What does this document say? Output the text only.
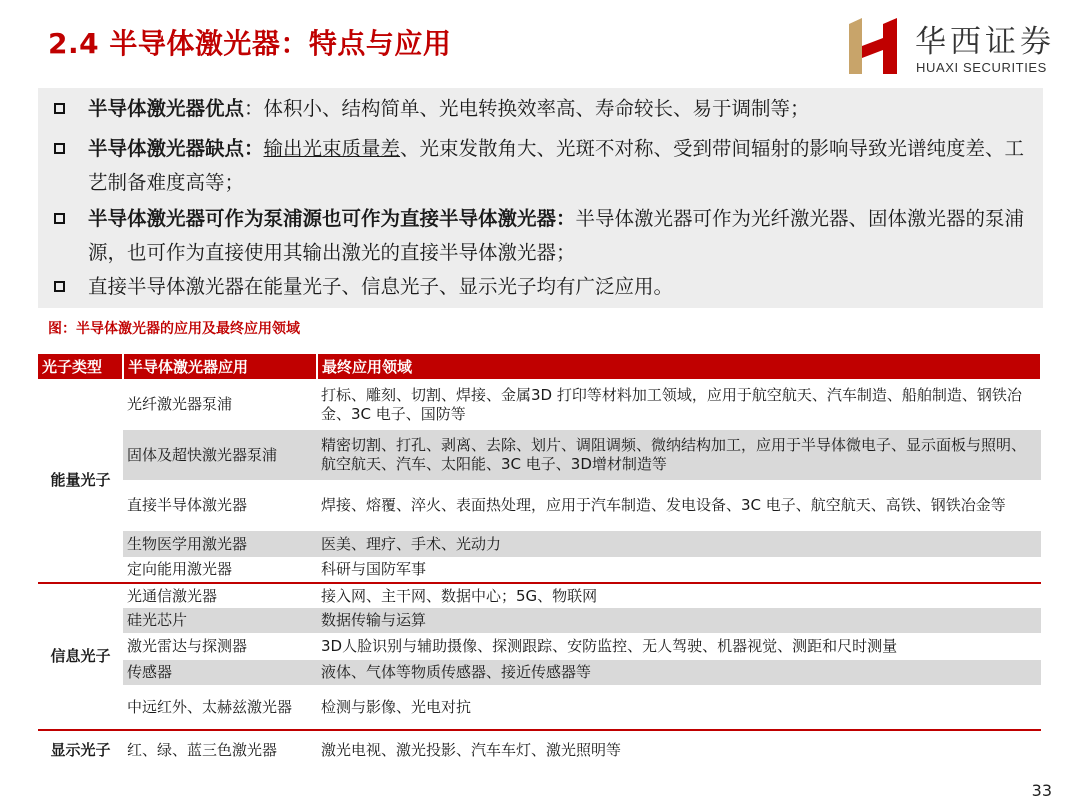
2.4 半导体激光器：特点与应用	华西证券
HUAXI SECURITIES
半导体激光器优点：体积小、结构简单、光电转换效率高、寿命较长、易于调制等；
半导体激光器缺点：输出光束质量差、光束发散角大、光斑不对称、受到带间辐射的影响导致光谱纯度差、工艺制备难度高等；
半导体激光器可作为泵浦源也可作为直接半导体激光器：半导体激光器可作为光纤激光器、固体激光器的泵浦源，也可作为直接使用其输出激光的直接半导体激光器；
直接半导体激光器在能量光子、信息光子、显示光子均有广泛应用。
图：半导体激光器的应用及最终应用领域
光子类型	半导体激光器应用	最终应用领域
能量光子	光纤激光器泵浦	打标、雕刻、切割、焊接、金属3D 打印等材料加工领域，应用于航空航天、汽车制造、船舶制造、钢铁冶金、3C 电子、国防等
	固体及超快激光器泵浦	精密切割、打孔、剥离、去除、划片、调阻调频、微纳结构加工，应用于半导体微电子、显示面板与照明、航空航天、汽车、太阳能、3C 电子、3D增材制造等
	直接半导体激光器	焊接、熔覆、淬火、表面热处理，应用于汽车制造、发电设备、3C 电子、航空航天、高铁、钢铁冶金等
	生物医学用激光器	医美、理疗、手术、光动力
	定向能用激光器	科研与国防军事
信息光子	光通信激光器	接入网、主干网、数据中心；5G、物联网
	硅光芯片	数据传输与运算
	激光雷达与探测器	3D人脸识别与辅助摄像、探测跟踪、安防监控、无人驾驶、机器视觉、测距和尺时测量
	传感器	液体、气体等物质传感器、接近传感器等
	中远红外、太赫兹激光器	检测与影像、光电对抗
显示光子	红、绿、蓝三色激光器	激光电视、激光投影、汽车车灯、激光照明等
33
